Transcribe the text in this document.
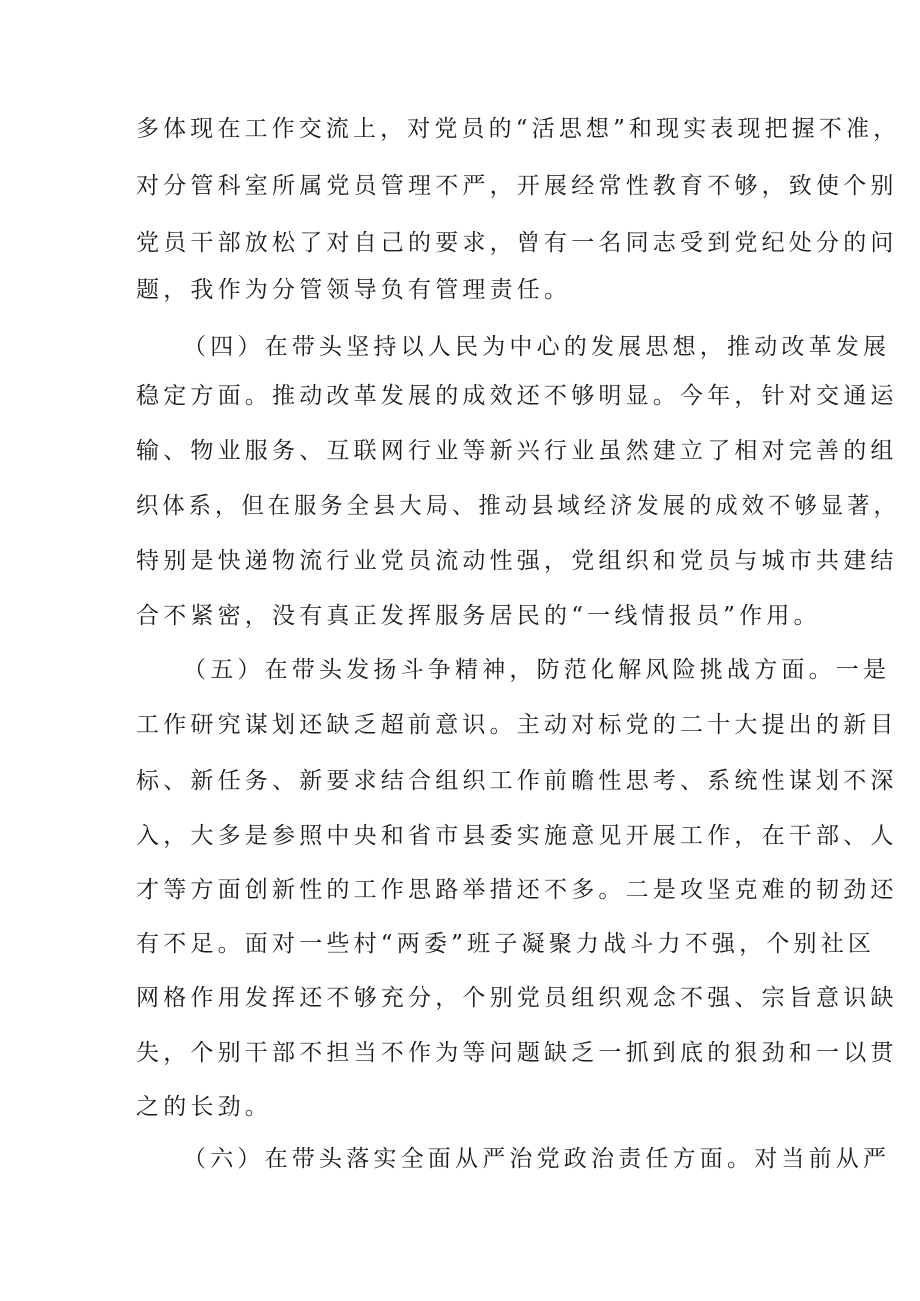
多体现在工作交流上，对党员的“活思想”和现实表现把握不准，

对分管科室所属党员管理不严，开展经常性教育不够，致使个别

党员干部放松了对自己的要求，曾有一名同志受到党纪处分的问

题，我作为分管领导负有管理责任。

（四）在带头坚持以人民为中心的发展思想，推动改革发展

稳定方面。推动改革发展的成效还不够明显。今年，针对交通运

输、物业服务、互联网行业等新兴行业虽然建立了相对完善的组

织体系，但在服务全县大局、推动县域经济发展的成效不够显著，

特别是快递物流行业党员流动性强，党组织和党员与城市共建结

合不紧密，没有真正发挥服务居民的“一线情报员”作用。

（五）在带头发扬斗争精神，防范化解风险挑战方面。一是

工作研究谋划还缺乏超前意识。主动对标党的二十大提出的新目

标、新任务、新要求结合组织工作前瞻性思考、系统性谋划不深

入，大多是参照中央和省市县委实施意见开展工作，在干部、人

才等方面创新性的工作思路举措还不多。二是攻坚克难的韧劲还

有不足。面对一些村“两委”班子凝聚力战斗力不强，个别社区

网格作用发挥还不够充分，个别党员组织观念不强、宗旨意识缺

失，个别干部不担当不作为等问题缺乏一抓到底的狠劲和一以贯

之的长劲。

（六）在带头落实全面从严治党政治责任方面。对当前从严
